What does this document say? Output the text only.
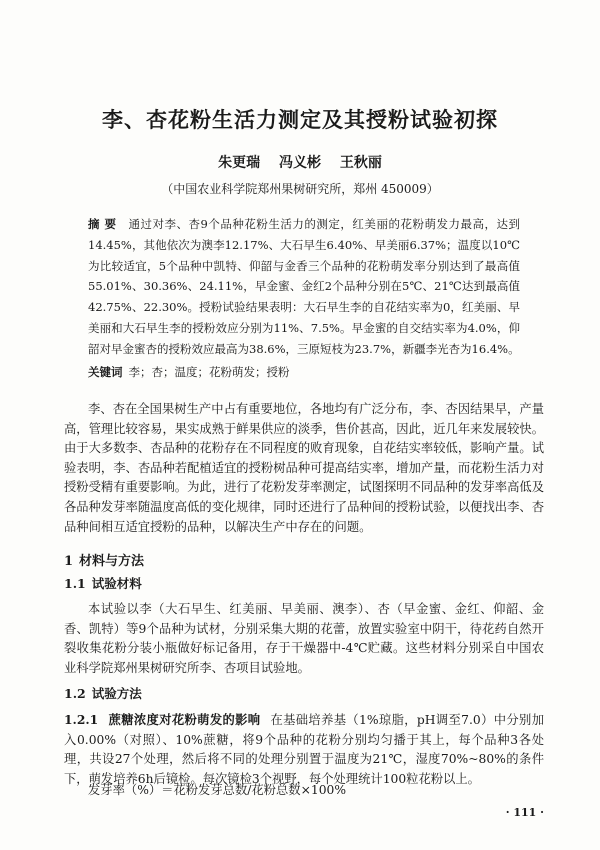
李、杏花粉生活力测定及其授粉试验初探
朱更瑞 冯义彬 王秋丽
（中国农业科学院郑州果树研究所，郑州 450009）
摘 要 通过对李、杏9个品种花粉生活力的测定，红美丽的花粉萌发力最高，达到14.45%，其他依次为澳李12.17%、大石早生6.40%、早美丽6.37%；温度以10℃为比较适宜，5个品种中凯特、仰韶与金香三个品种的花粉萌发率分别达到了最高值55.01%、30.36%、24.11%，早金蜜、金红2个品种分别在5℃、21℃达到最高值42.75%、22.30%。授粉试验结果表明：大石早生李的自花结实率为0，红美丽、早美丽和大石早生李的授粉效应分别为11%、7.5%。早金蜜的自交结实率为4.0%，仰韶对早金蜜杏的授粉效应最高为38.6%，三原短枝为23.7%，新疆李光杏为16.4%。
关键词 李；杏；温度；花粉萌发；授粉
李、杏在全国果树生产中占有重要地位，各地均有广泛分布，李、杏因结果早，产量高，管理比较容易，果实成熟于鲜果供应的淡季，售价甚高，因此，近几年来发展较快。由于大多数李、杏品种的花粉存在不同程度的败育现象，自花结实率较低，影响产量。试验表明，李、杏品种若配植适宜的授粉树品种可提高结实率，增加产量，而花粉生活力对授粉受精有重要影响。为此，进行了花粉发芽率测定，试图探明不同品种的发芽率高低及各品种发芽率随温度高低的变化规律，同时还进行了品种间的授粉试验，以便找出李、杏品种间相互适宜授粉的品种，以解决生产中存在的问题。
1 材料与方法
1.1 试验材料
本试验以李（大石早生、红美丽、早美丽、澳李）、杏（早金蜜、金红、仰韶、金香、凯特）等9个品种为试材，分别采集大期的花蕾，放置实验室中阴干，待花药自然开裂收集花粉分装小瓶做好标记备用，存于干燥器中-4℃贮藏。这些材料分别采自中国农业科学院郑州果树研究所李、杏项目试验地。
1.2 试验方法
1.2.1 蔗糖浓度对花粉萌发的影响 在基础培养基（1%琼脂，pH调至7.0）中分别加入0.00%（对照）、10%蔗糖，将9个品种的花粉分别均匀播于其上，每个品种3各处理，共设27个处理，然后将不同的处理分别置于温度为21℃，湿度70%~80%的条件下，萌发培养6h后镜检。每次镜检3个视野，每个处理统计100粒花粉以上。
发芽率（%）＝花粉发芽总数/花粉总数×100%
· 111 ·
